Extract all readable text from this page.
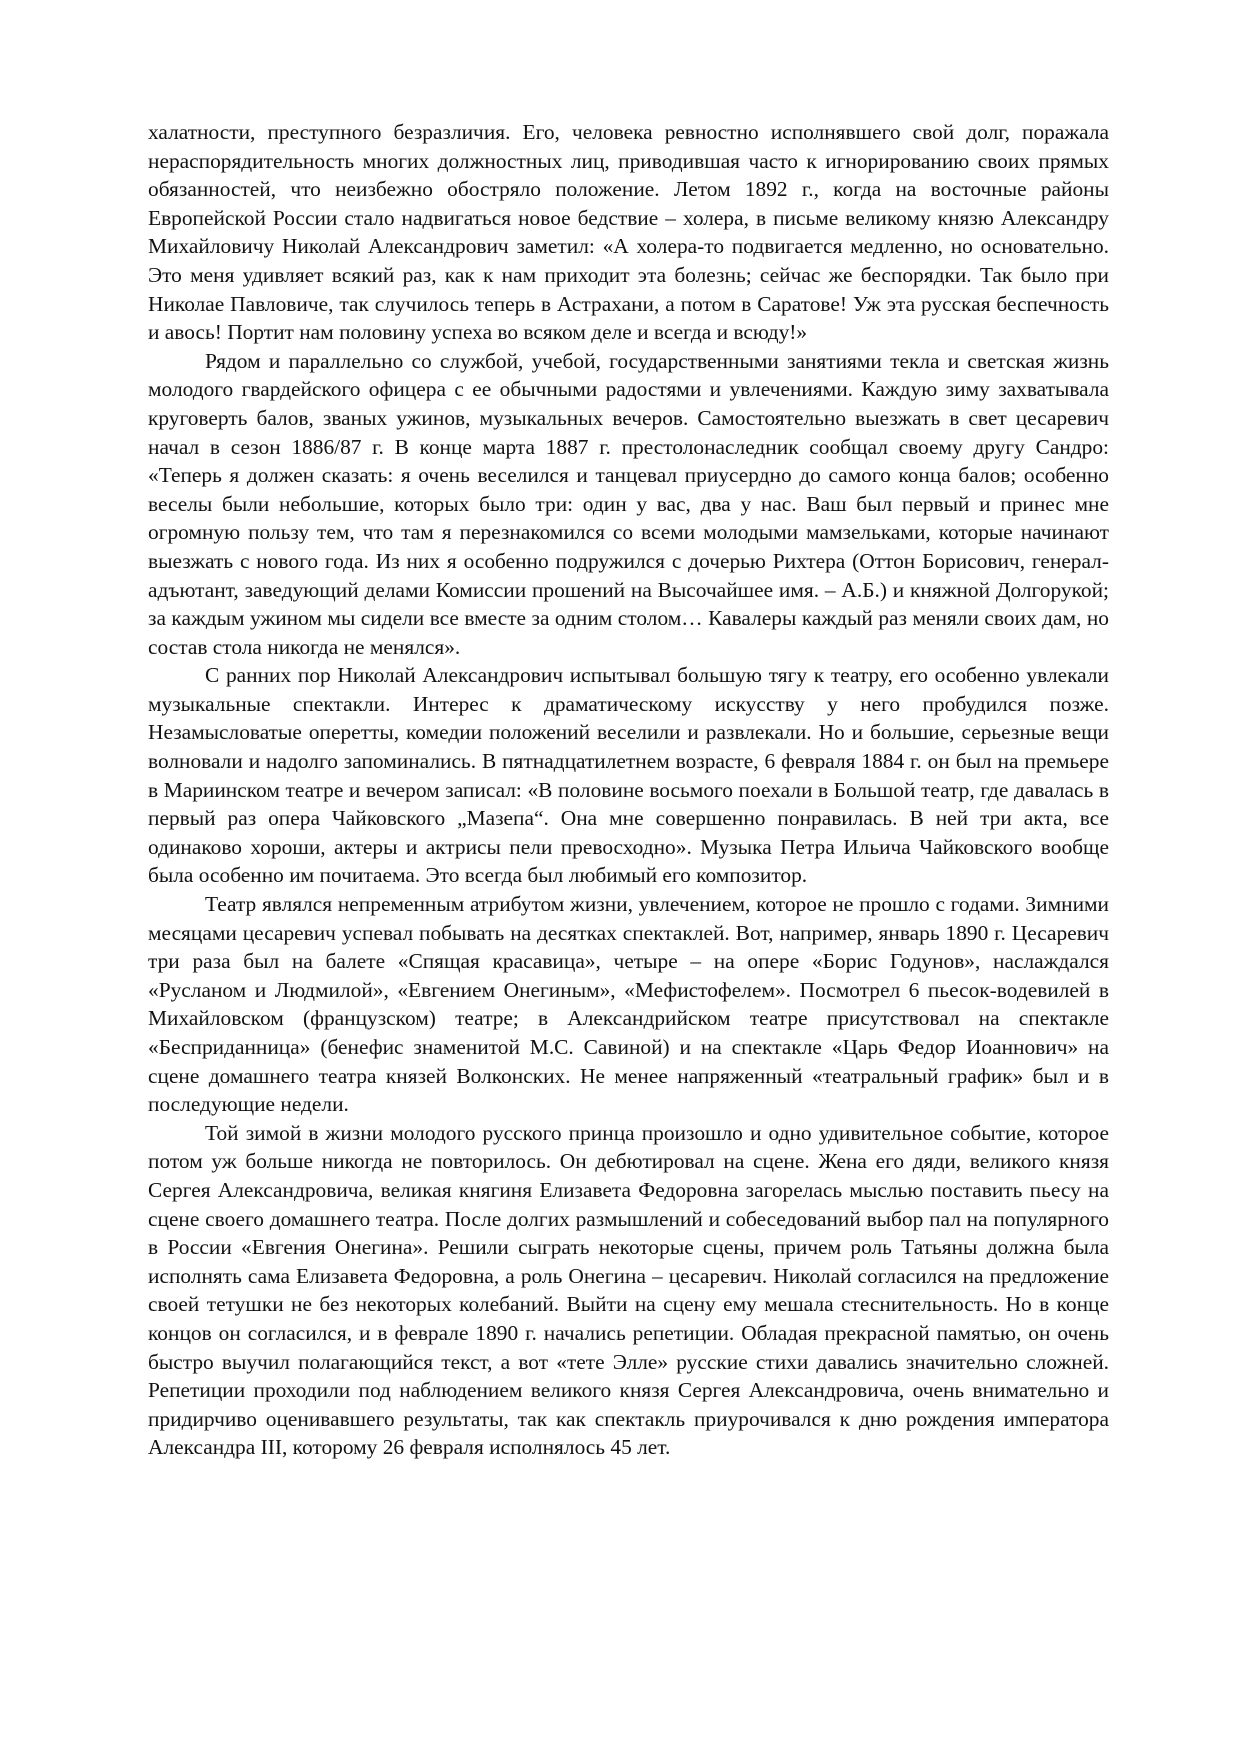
халатности, преступного безразличия. Его, человека ревностно исполнявшего свой долг, поражала нераспорядительность многих должностных лиц, приводившая часто к игнорированию своих прямых обязанностей, что неизбежно обостряло положение. Летом 1892 г., когда на восточные районы Европейской России стало надвигаться новое бедствие – холера, в письме великому князю Александру Михайловичу Николай Александрович заметил: «А холера-то подвигается медленно, но основательно. Это меня удивляет всякий раз, как к нам приходит эта болезнь; сейчас же беспорядки. Так было при Николае Павловиче, так случилось теперь в Астрахани, а потом в Саратове! Уж эта русская беспечность и авось! Портит нам половину успеха во всяком деле и всегда и всюду!»

Рядом и параллельно со службой, учебой, государственными занятиями текла и светская жизнь молодого гвардейского офицера с ее обычными радостями и увлечениями. Каждую зиму захватывала круговерть балов, званых ужинов, музыкальных вечеров. Самостоятельно выезжать в свет цесаревич начал в сезон 1886/87 г. В конце марта 1887 г. престолонаследник сообщал своему другу Сандро: «Теперь я должен сказать: я очень веселился и танцевал приусердно до самого конца балов; особенно веселы были небольшие, которых было три: один у вас, два у нас. Ваш был первый и принес мне огромную пользу тем, что там я перезнакомился со всеми молодыми мамзельками, которые начинают выезжать с нового года. Из них я особенно подружился с дочерью Рихтера (Оттон Борисович, генерал-адъютант, заведующий делами Комиссии прошений на Высочайшее имя. – А.Б.) и княжной Долгорукой; за каждым ужином мы сидели все вместе за одним столом… Кавалеры каждый раз меняли своих дам, но состав стола никогда не менялся».

С ранних пор Николай Александрович испытывал большую тягу к театру, его особенно увлекали музыкальные спектакли. Интерес к драматическому искусству у него пробудился позже. Незамысловатые оперетты, комедии положений веселили и развлекали. Но и большие, серьезные вещи волновали и надолго запоминались. В пятнадцатилетнем возрасте, 6 февраля 1884 г. он был на премьере в Мариинском театре и вечером записал: «В половине восьмого поехали в Большой театр, где давалась в первый раз опера Чайковского „Мазепа“. Она мне совершенно понравилась. В ней три акта, все одинаково хороши, актеры и актрисы пели превосходно». Музыка Петра Ильича Чайковского вообще была особенно им почитаема. Это всегда был любимый его композитор.

Театр являлся непременным атрибутом жизни, увлечением, которое не прошло с годами. Зимними месяцами цесаревич успевал побывать на десятках спектаклей. Вот, например, январь 1890 г. Цесаревич три раза был на балете «Спящая красавица», четыре – на опере «Борис Годунов», наслаждался «Русланом и Людмилой», «Евгением Онегиным», «Мефистофелем». Посмотрел 6 пьесок-водевилей в Михайловском (французском) театре; в Александрийском театре присутствовал на спектакле «Бесприданница» (бенефис знаменитой М.С. Савиной) и на спектакле «Царь Федор Иоаннович» на сцене домашнего театра князей Волконских. Не менее напряженный «театральный график» был и в последующие недели.

Той зимой в жизни молодого русского принца произошло и одно удивительное событие, которое потом уж больше никогда не повторилось. Он дебютировал на сцене. Жена его дяди, великого князя Сергея Александровича, великая княгиня Елизавета Федоровна загорелась мыслью поставить пьесу на сцене своего домашнего театра. После долгих размышлений и собеседований выбор пал на популярного в России «Евгения Онегина». Решили сыграть некоторые сцены, причем роль Татьяны должна была исполнять сама Елизавета Федоровна, а роль Онегина – цесаревич. Николай согласился на предложение своей тетушки не без некоторых колебаний. Выйти на сцену ему мешала стеснительность. Но в конце концов он согласился, и в феврале 1890 г. начались репетиции. Обладая прекрасной памятью, он очень быстро выучил полагающийся текст, а вот «тете Элле» русские стихи давались значительно сложней. Репетиции проходили под наблюдением великого князя Сергея Александровича, очень внимательно и придирчиво оценивавшего результаты, так как спектакль приурочивался к дню рождения императора Александра III, которому 26 февраля исполнялось 45 лет.
